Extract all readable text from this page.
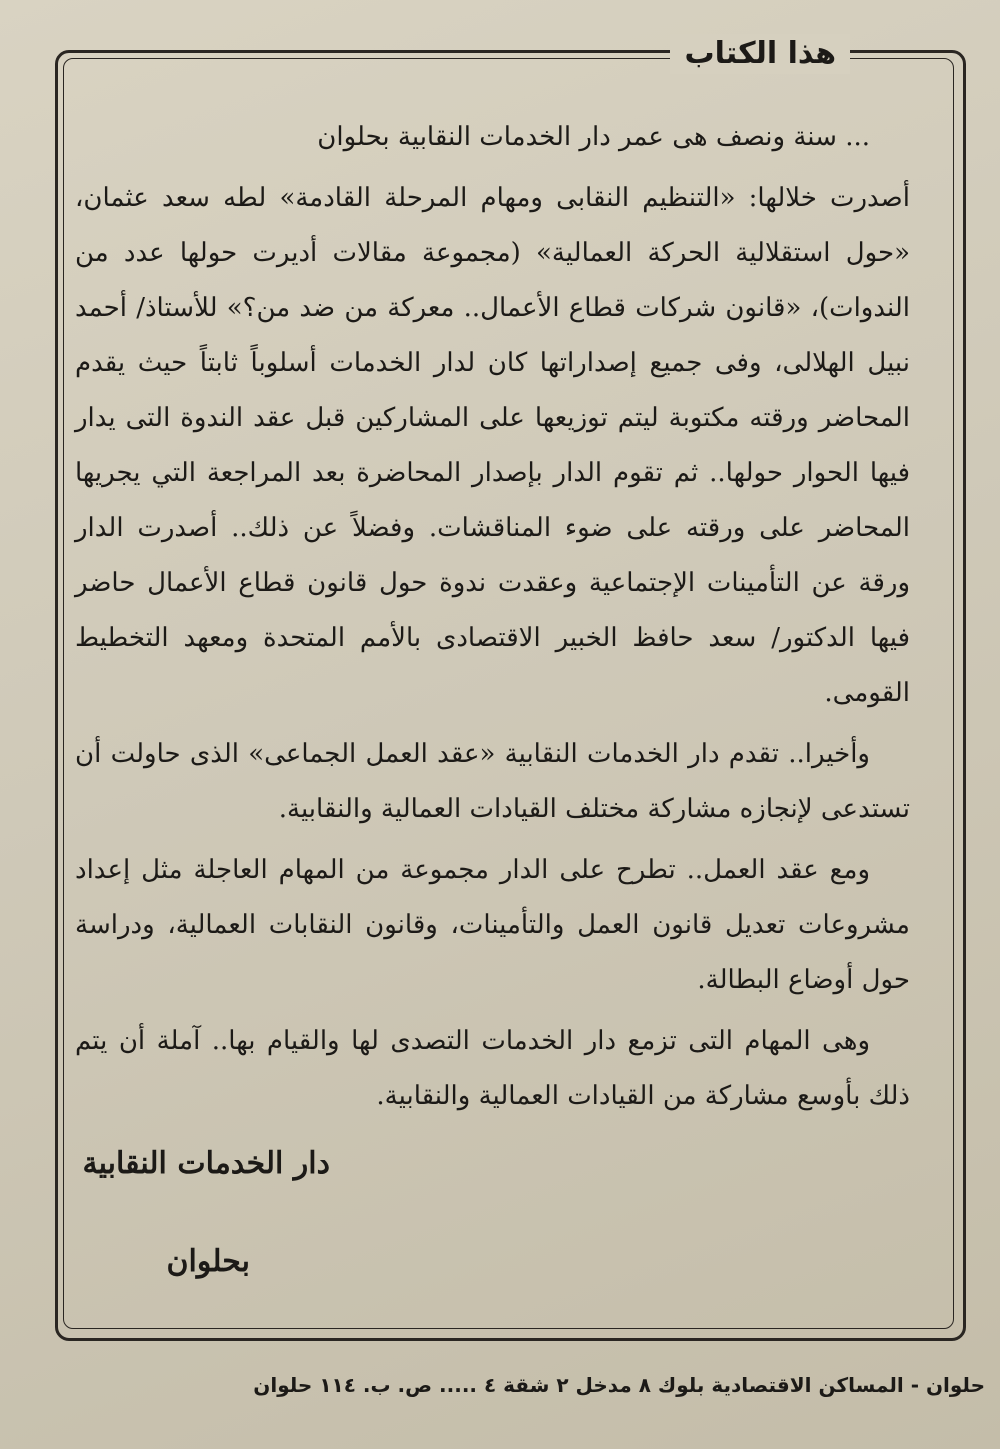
هذا الكتاب

... سنة ونصف هى عمر دار الخدمات النقابية بحلوان

أصدرت خلالها: «التنظيم النقابى ومهام المرحلة القادمة» لطه سعد عثمان، «حول استقلالية الحركة العمالية» (مجموعة مقالات أديرت حولها عدد من الندوات)، «قانون شركات قطاع الأعمال.. معركة من ضد من؟» للأستاذ/ أحمد نبيل الهلالى، وفى جميع إصداراتها كان لدار الخدمات أسلوباً ثابتاً حيث يقدم المحاضر ورقته مكتوبة ليتم توزيعها على المشاركين قبل عقد الندوة التى يدار فيها الحوار حولها.. ثم تقوم الدار بإصدار المحاضرة بعد المراجعة التي يجريها المحاضر على ورقته على ضوء المناقشات. وفضلاً عن ذلك.. أصدرت الدار ورقة عن التأمينات الإجتماعية وعقدت ندوة حول قانون قطاع الأعمال حاضر فيها الدكتور/ سعد حافظ الخبير الاقتصادى بالأمم المتحدة ومعهد التخطيط القومى.

وأخيرا.. تقدم دار الخدمات النقابية «عقد العمل الجماعى» الذى حاولت أن تستدعى لإنجازه مشاركة مختلف القيادات العمالية والنقابية.

ومع عقد العمل.. تطرح على الدار مجموعة من المهام العاجلة مثل إعداد مشروعات تعديل قانون العمل والتأمينات، وقانون النقابات العمالية، ودراسة حول أوضاع البطالة.

وهى المهام التى تزمع دار الخدمات التصدى لها والقيام بها.. آملة أن يتم ذلك بأوسع مشاركة من القيادات العمالية والنقابية.

دار الخدمات النقابية
بحلوان
حلوان - المساكن الاقتصادية بلوك ٨ مدخل ٢ شقة ٤ ..... ص. ب. ١١٤ حلوان
